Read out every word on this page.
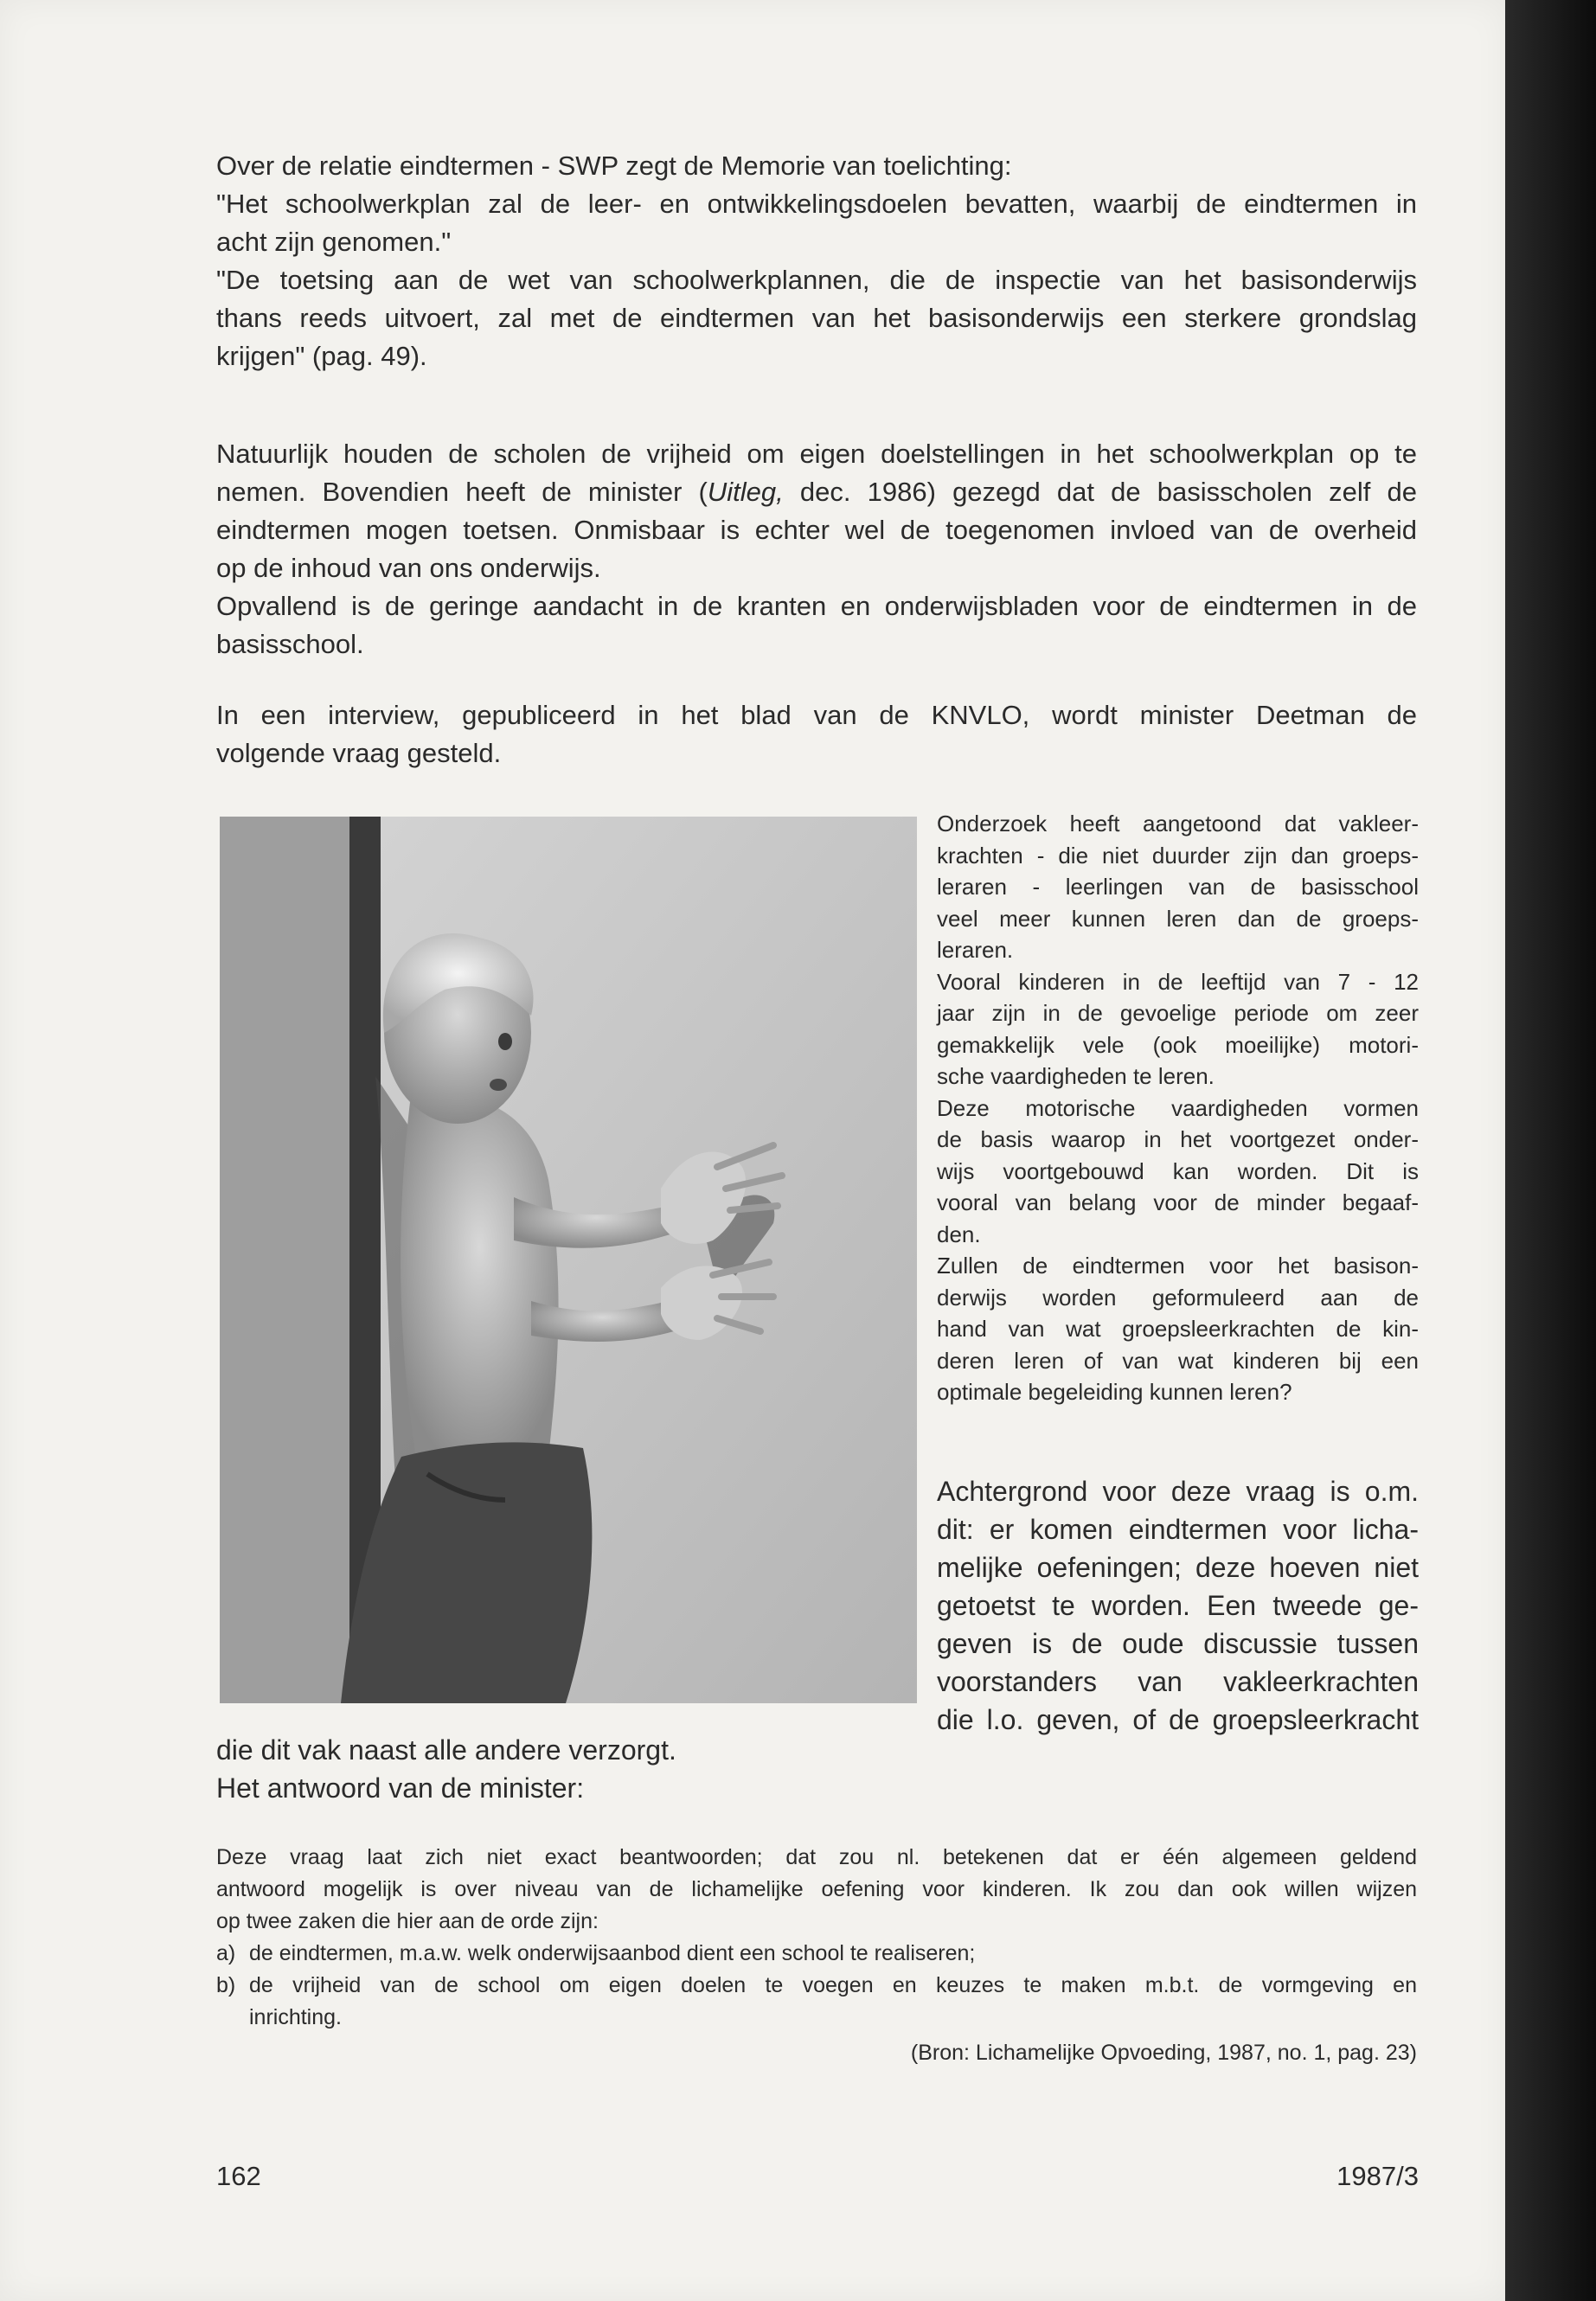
Over de relatie eindtermen - SWP zegt de Memorie van toelichting:
"Het schoolwerkplan zal de leer- en ontwikkelingsdoelen bevatten, waarbij de eindtermen in
acht zijn genomen."
"De toetsing aan de wet van schoolwerkplannen, die de inspectie van het basisonderwijs
thans reeds uitvoert, zal met de eindtermen van het basisonderwijs een sterkere grondslag
krijgen" (pag. 49).
Natuurlijk houden de scholen de vrijheid om eigen doelstellingen in het schoolwerkplan op te
nemen. Bovendien heeft de minister (Uitleg, dec. 1986) gezegd dat de basisscholen zelf de
eindtermen mogen toetsen. Onmisbaar is echter wel de toegenomen invloed van de overheid
op de inhoud van ons onderwijs.
Opvallend is de geringe aandacht in de kranten en onderwijsbladen voor de eindtermen in de
basisschool.
In een interview, gepubliceerd in het blad van de KNVLO, wordt minister Deetman de
volgende vraag gesteld.
Onderzoek heeft aangetoond dat vakleer-
krachten - die niet duurder zijn dan groeps-
leraren - leerlingen van de basisschool
veel meer kunnen leren dan de groeps-
leraren.
Vooral kinderen in de leeftijd van 7 - 12
jaar zijn in de gevoelige periode om zeer
gemakkelijk vele (ook moeilijke) motori-
sche vaardigheden te leren.
Deze motorische vaardigheden vormen
de basis waarop in het voortgezet onder-
wijs voortgebouwd kan worden. Dit is
vooral van belang voor de minder begaaf-
den.
Zullen de eindtermen voor het basison-
derwijs worden geformuleerd aan de
hand van wat groepsleerkrachten de kin-
deren leren of van wat kinderen bij een
optimale begeleiding kunnen leren?
Achtergrond voor deze vraag is o.m.
dit: er komen eindtermen voor licha-
melijke oefeningen; deze hoeven niet
getoetst te worden. Een tweede ge-
geven is de oude discussie tussen
voorstanders van vakleerkrachten
die l.o. geven, of de groepsleerkracht
die dit vak naast alle andere verzorgt.
Het antwoord van de minister:
Deze vraag laat zich niet exact beantwoorden; dat zou nl. betekenen dat er één algemeen geldend
antwoord mogelijk is over niveau van de lichamelijke oefening voor kinderen. Ik zou dan ook willen wijzen
op twee zaken die hier aan de orde zijn:
a) de eindtermen, m.a.w. welk onderwijsaanbod dient een school te realiseren;
b) de vrijheid van de school om eigen doelen te voegen en keuzes te maken m.b.t. de vormgeving en
inrichting.
(Bron: Lichamelijke Opvoeding, 1987, no. 1, pag. 23)
162	1987/3
